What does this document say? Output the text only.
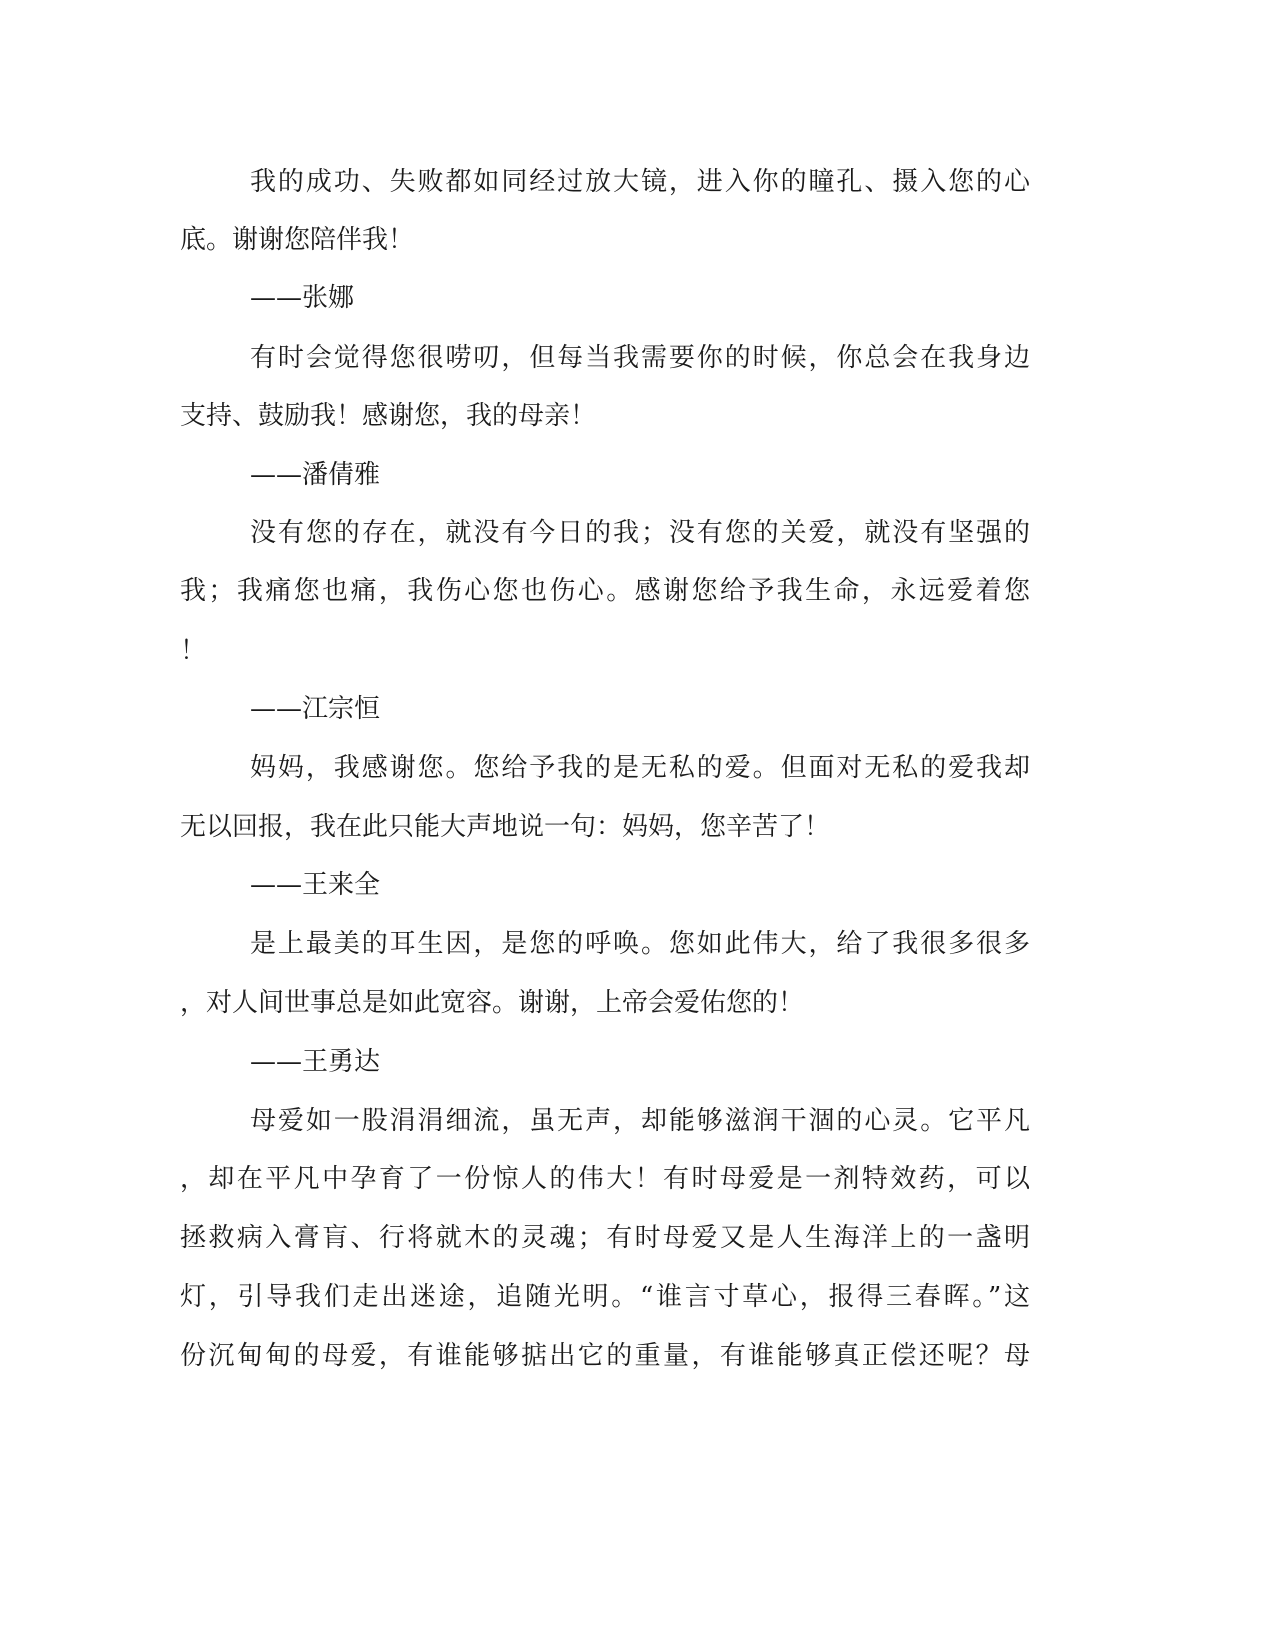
我的成功、失败都如同经过放大镜，进入你的瞳孔、摄入您的心
底。谢谢您陪伴我！
——张娜
有时会觉得您很唠叨，但每当我需要你的时候，你总会在我身边
支持、鼓励我！感谢您，我的母亲！
——潘倩雅
没有您的存在，就没有今日的我；没有您的关爱，就没有坚强的
我；我痛您也痛，我伤心您也伤心。感谢您给予我生命，永远爱着您
！
——江宗恒
妈妈，我感谢您。您给予我的是无私的爱。但面对无私的爱我却
无以回报，我在此只能大声地说一句：妈妈，您辛苦了！
——王来全
是上最美的耳生因，是您的呼唤。您如此伟大，给了我很多很多
，对人间世事总是如此宽容。谢谢，上帝会爱佑您的！
——王勇达
母爱如一股涓涓细流，虽无声，却能够滋润干涸的心灵。它平凡
，却在平凡中孕育了一份惊人的伟大！有时母爱是一剂特效药，可以
拯救病入膏肓、行将就木的灵魂；有时母爱又是人生海洋上的一盏明
灯，引导我们走出迷途，追随光明。“谁言寸草心，报得三春晖。”这
份沉甸甸的母爱，有谁能够掂出它的重量，有谁能够真正偿还呢？母
